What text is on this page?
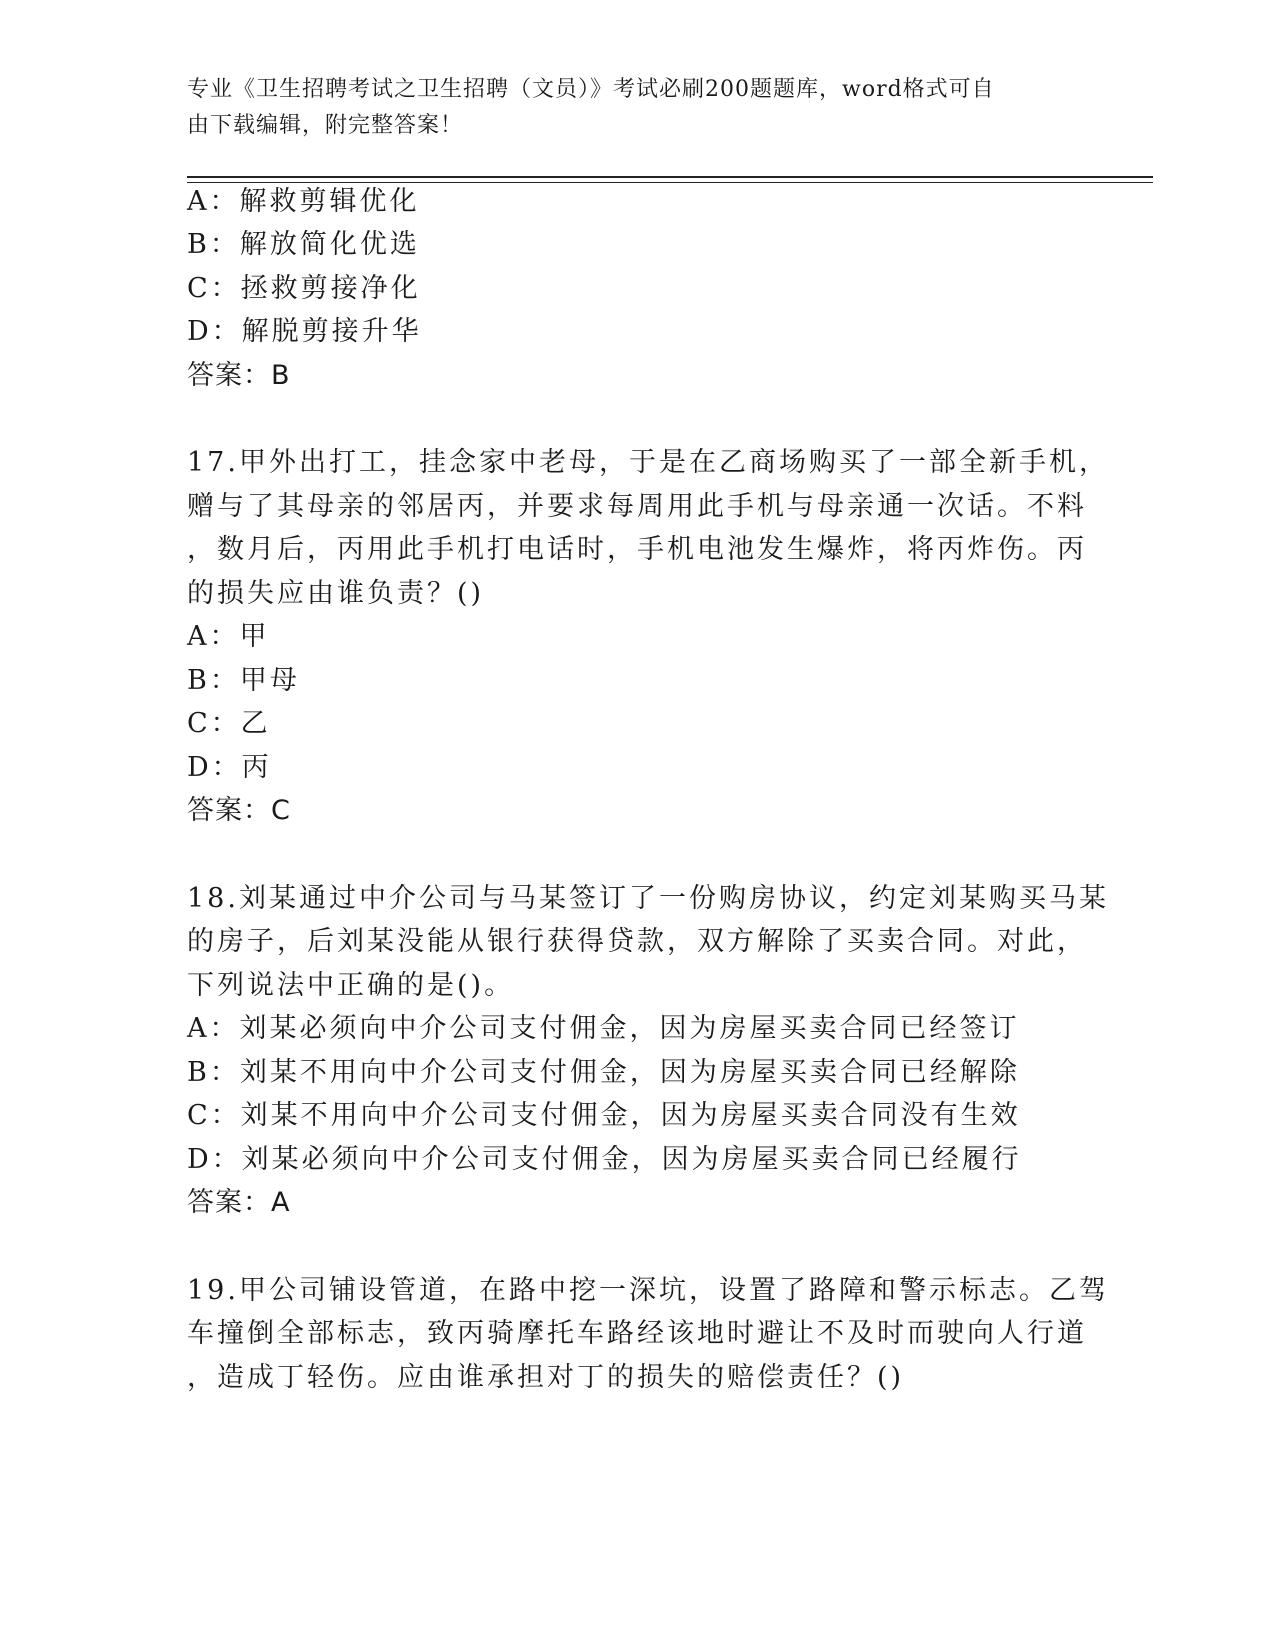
专业《卫生招聘考试之卫生招聘（文员）》考试必刷200题题库，word格式可自
由下载编辑，附完整答案！
A：解救剪辑优化
B：解放简化优选
C：拯救剪接净化
D：解脱剪接升华
答案：B
17.甲外出打工，挂念家中老母，于是在乙商场购买了一部全新手机，
赠与了其母亲的邻居丙，并要求每周用此手机与母亲通一次话。不料
，数月后，丙用此手机打电话时，手机电池发生爆炸，将丙炸伤。丙
的损失应由谁负责？()
A：甲
B：甲母
C：乙
D：丙
答案：C
18.刘某通过中介公司与马某签订了一份购房协议，约定刘某购买马某
的房子，后刘某没能从银行获得贷款，双方解除了买卖合同。对此，
下列说法中正确的是()。
A：刘某必须向中介公司支付佣金，因为房屋买卖合同已经签订
B：刘某不用向中介公司支付佣金，因为房屋买卖合同已经解除
C：刘某不用向中介公司支付佣金，因为房屋买卖合同没有生效
D：刘某必须向中介公司支付佣金，因为房屋买卖合同已经履行
答案：A
19.甲公司铺设管道，在路中挖一深坑，设置了路障和警示标志。乙驾
车撞倒全部标志，致丙骑摩托车路经该地时避让不及时而驶向人行道
，造成丁轻伤。应由谁承担对丁的损失的赔偿责任？()
